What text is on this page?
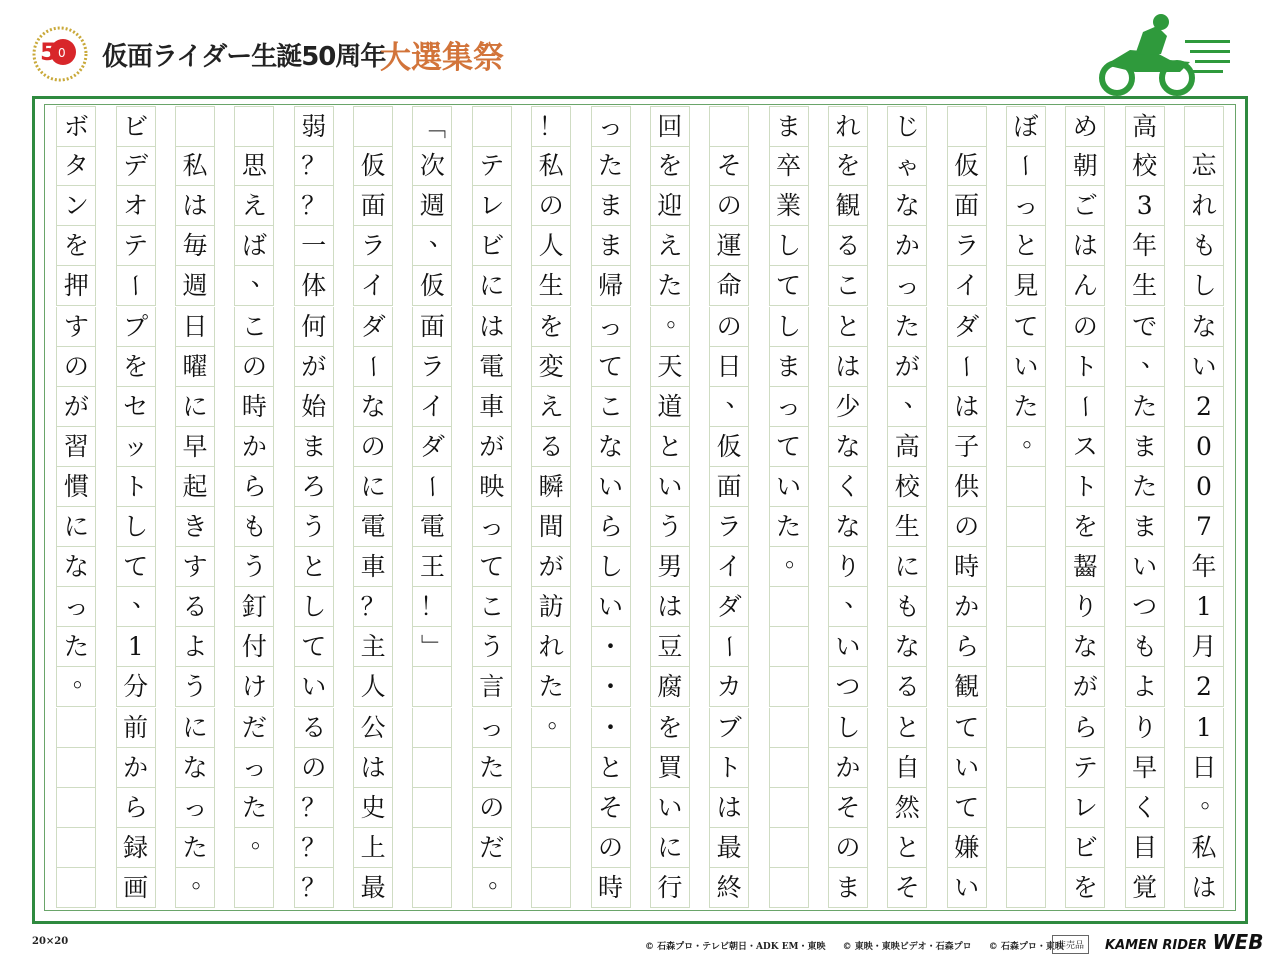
5 0 仮面ライダー生誕50周年
大選集祭
忘
れ
も
し
な
い
2
0
0
7
年
1
月
2
1
日
。
私
は
高
校
3
年
生
で
、
た
ま
た
ま
い
つ
も
よ
り
早
く
目
覚
め
朝
ご
は
ん
の
ト
ー
ス
ト
を
齧
り
な
が
ら
テ
レ
ビ
を
ぼ
ー
っ
と
見
て
い
た
。
仮
面
ラ
イ
ダ
ー
は
子
供
の
時
か
ら
観
て
い
て
嫌
い
じ
ゃ
な
か
っ
た
が
、
高
校
生
に
も
な
る
と
自
然
と
そ
れ
を
観
る
こ
と
は
少
な
く
な
り
、
い
つ
し
か
そ
の
ま
ま
卒
業
し
て
し
ま
っ
て
い
た
。
そ
の
運
命
の
日
、
仮
面
ラ
イ
ダ
ー
カ
ブ
ト
は
最
終
回
を
迎
え
た
。
天
道
と
い
う
男
は
豆
腐
を
買
い
に
行
っ
た
ま
ま
帰
っ
て
こ
な
い
ら
し
い
・
・
・
と
そ
の
時
！
私
の
人
生
を
変
え
る
瞬
間
が
訪
れ
た
。
テ
レ
ビ
に
は
電
車
が
映
っ
て
こ
う
言
っ
た
の
だ
。
「
次
週
、
仮
面
ラ
イ
ダ
ー
電
王
！
」
仮
面
ラ
イ
ダ
ー
な
の
に
電
車
？
主
人
公
は
史
上
最
弱
？
？
一
体
何
が
始
ま
ろ
う
と
し
て
い
る
の
？
？
？
思
え
ば
、
こ
の
時
か
ら
も
う
釘
付
け
だ
っ
た
。
私
は
毎
週
日
曜
に
早
起
き
す
る
よ
う
に
な
っ
た
。
ビ
デ
オ
テ
ー
プ
を
セ
ッ
ト
し
て
、
1
分
前
か
ら
録
画
ボ
タ
ン
を
押
す
の
が
習
慣
に
な
っ
た
。
20×20	© 石森プロ・テレビ朝日・ADK EM・東映 © 東映・東映ビデオ・石森プロ © 石森プロ・東映
非売品	KAMEN RIDER WEB
